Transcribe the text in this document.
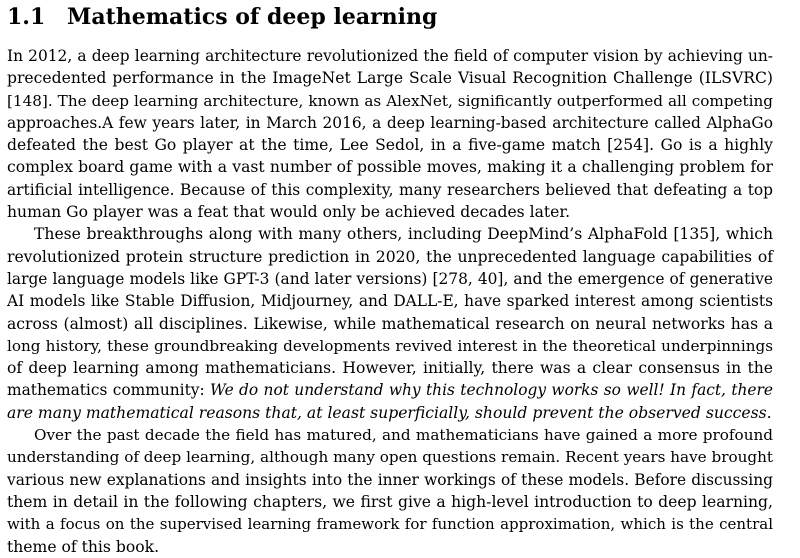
1.1 Mathematics of deep learning
In 2012, a deep learning architecture revolutionized the field of computer vision by achieving un-
precedented performance in the ImageNet Large Scale Visual Recognition Challenge (ILSVRC)
[148]. The deep learning architecture, known as AlexNet, significantly outperformed all competing
approaches.A few years later, in March 2016, a deep learning-based architecture called AlphaGo
defeated the best Go player at the time, Lee Sedol, in a five-game match [254]. Go is a highly
complex board game with a vast number of possible moves, making it a challenging problem for
artificial intelligence. Because of this complexity, many researchers believed that defeating a top
human Go player was a feat that would only be achieved decades later.
These breakthroughs along with many others, including DeepMind’s AlphaFold [135], which
revolutionized protein structure prediction in 2020, the unprecedented language capabilities of
large language models like GPT-3 (and later versions) [278, 40], and the emergence of generative
AI models like Stable Diffusion, Midjourney, and DALL-E, have sparked interest among scientists
across (almost) all disciplines. Likewise, while mathematical research on neural networks has a
long history, these groundbreaking developments revived interest in the theoretical underpinnings
of deep learning among mathematicians. However, initially, there was a clear consensus in the
mathematics community: We do not understand why this technology works so well! In fact, there
are many mathematical reasons that, at least superficially, should prevent the observed success.
Over the past decade the field has matured, and mathematicians have gained a more profound
understanding of deep learning, although many open questions remain. Recent years have brought
various new explanations and insights into the inner workings of these models. Before discussing
them in detail in the following chapters, we first give a high-level introduction to deep learning,
with a focus on the supervised learning framework for function approximation, which is the central
theme of this book.
